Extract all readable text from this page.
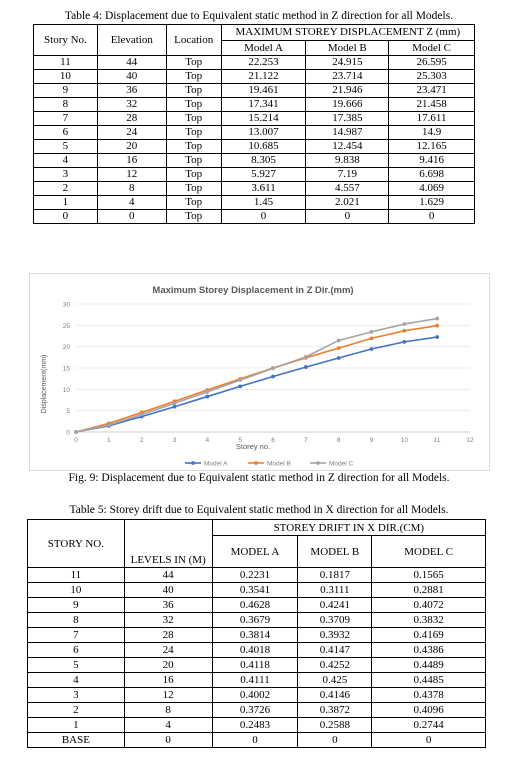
Table 4: Displacement due to Equivalent static method in Z direction for all Models.
Story No.	Elevation	Location	MAXIMUM STOREY DISPLACEMENT Z (mm)		
			Model A	Model B	Model C
11	44	Top	22.253	24.915	26.595
10	40	Top	21.122	23.714	25.303
9	36	Top	19.461	21.946	23.471
8	32	Top	17.341	19.666	21.458
7	28	Top	15.214	17.385	17.611
6	24	Top	13.007	14.987	14.9
5	20	Top	10.685	12.454	12.165
4	16	Top	8.305	9.838	9.416
3	12	Top	5.927	7.19	6.698
2	8	Top	3.611	4.557	4.069
1	4	Top	1.45	2.021	1.629
0	0	Top	0	0	0
Maximum Storey Displacement in Z Dir.(mm)
Displacement(mm)
Storey no.
0
5
10
15
20
25
30
0	1	2	3	4	5	6	7	8	9	10	11	12
Model A	Model B	Model C
Fig. 9: Displacement due to Equivalent static method in Z direction for all Models.
Table 5: Storey drift due to Equivalent static method in X direction for all Models.
STORY NO.	LEVELS IN (M)	STOREY DRIFT IN X DIR.(CM)		
		MODEL A	MODEL B	MODEL C
11	44	0.2231	0.1817	0.1565
10	40	0.3541	0.3111	0.2881
9	36	0.4628	0.4241	0.4072
8	32	0.3679	0.3709	0.3832
7	28	0.3814	0.3932	0.4169
6	24	0.4018	0.4147	0.4386
5	20	0.4118	0.4252	0.4489
4	16	0.4111	0.425	0.4485
3	12	0.4002	0.4146	0.4378
2	8	0.3726	0.3872	0.4096
1	4	0.2483	0.2588	0.2744
BASE	0	0	0	0
